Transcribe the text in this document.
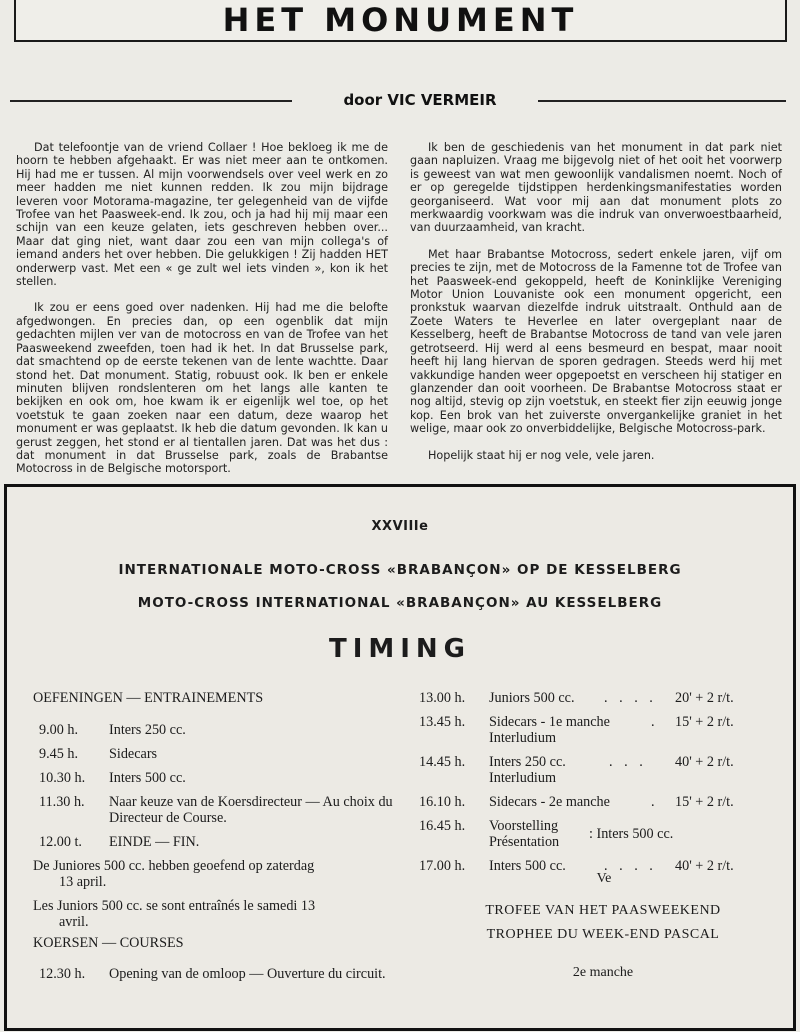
HET MONUMENT
door VIC VERMEIR

Dat telefoontje van de vriend Collaer ! Hoe bekloeg ik me de hoorn te hebben afgehaakt. Er was niet meer aan te ontkomen. Hij had me er tussen. Al mijn voorwendsels over veel werk en zo meer hadden me niet kunnen redden. Ik zou mijn bijdrage leveren voor Motorama-magazine, ter gelegenheid van de vijfde Trofee van het Paasweek-end. Ik zou, och ja had hij mij maar een schijn van een keuze gelaten, iets geschreven hebben over... Maar dat ging niet, want daar zou een van mijn collega's of iemand anders het over hebben. Die gelukkigen ! Zij hadden HET onderwerp vast. Met een « ge zult wel iets vinden », kon ik het stellen.

Ik zou er eens goed over nadenken. Hij had me die belofte afgedwongen. En precies dan, op een ogenblik dat mijn gedachten mijlen ver van de motocross en van de Trofee van het Paasweekend zweefden, toen had ik het. In dat Brusselse park, dat smachtend op de eerste tekenen van de lente wachtte. Daar stond het. Dat monument. Statig, robuust ook. Ik ben er enkele minuten blijven rondslenteren om het langs alle kanten te bekijken en ook om, hoe kwam ik er eigenlijk wel toe, op het voetstuk te gaan zoeken naar een datum, deze waarop het monument er was geplaatst. Ik heb die datum gevonden. Ik kan u gerust zeggen, het stond er al tientallen jaren. Dat was het dus : dat monument in dat Brusselse park, zoals de Brabantse Motocross in de Belgische motorsport.

Ik ben de geschiedenis van het monument in dat park niet gaan napluizen. Vraag me bijgevolg niet of het ooit het voorwerp is geweest van wat men gewoonlijk vandalismen noemt. Noch of er op geregelde tijdstippen herdenkingsmanifestaties worden georganiseerd. Wat voor mij aan dat monument plots zo merkwaardig voorkwam was die indruk van onverwoestbaarheid, van duurzaamheid, van kracht.

Met haar Brabantse Motocross, sedert enkele jaren, vijf om precies te zijn, met de Motocross de la Famenne tot de Trofee van het Paasweek-end gekoppeld, heeft de Koninklijke Vereniging Motor Union Louvaniste ook een monument opgericht, een pronkstuk waarvan diezelfde indruk uitstraalt. Onthuld aan de Zoete Waters te Heverlee en later overgeplant naar de Kesselberg, heeft de Brabantse Motocross de tand van vele jaren getrotseerd. Hij werd al eens besmeurd en bespat, maar nooit heeft hij lang hiervan de sporen gedragen. Steeds werd hij met vakkundige handen weer opgepoetst en verscheen hij statiger en glanzender dan ooit voorheen. De Brabantse Motocross staat er nog altijd, stevig op zijn voetstuk, en steekt fier zijn eeuwig jonge kop. Een brok van het zuiverste onvergankelijke graniet in het welige, maar ook zo onverbiddelijke, Belgische Motocross-park.

Hopelijk staat hij er nog vele, vele jaren.

XXVIIIe
INTERNATIONALE MOTO-CROSS «BRABANÇON» OP DE KESSELBERG
MOTO-CROSS INTERNATIONAL «BRABANÇON» AU KESSELBERG
TIMING
OEFENINGEN — ENTRAINEMENTS
9.00 h.	Inters 250 cc.
9.45 h.	Sidecars
10.30 h.	Inters 500 cc.
11.30 h.	Naar keuze van de Koersdirecteur — Au choix du Directeur de Course.
12.00 t.	EINDE — FIN.
De Juniores 500 cc. hebben geoefend op zaterdag
13 april.
Les Juniors 500 cc. se sont entraînés le samedi 13
avril.
KOERSEN — COURSES
12.30 h.	Opening van de omloop — Ouverture du circuit.
13.00 h.	Juniors 500 cc.	. . . .	20' + 2 r/t.
13.45 h.	Sidecars - 1e manche	.	15' + 2 r/t.
Interludium
14.45 h.	Inters 250 cc.	. . .	40' + 2 r/t.
Interludium
16.10 h.	Sidecars - 2e manche	.	15' + 2 r/t.
16.45 h.	Voorstelling
Présentation : Inters 500 cc.
17.00 h.	Inters 500 cc.	. . . .	40' + 2 r/t.
Ve
TROFEE VAN HET PAASWEEKEND
TROPHEE DU WEEK-END PASCAL
2e manche
